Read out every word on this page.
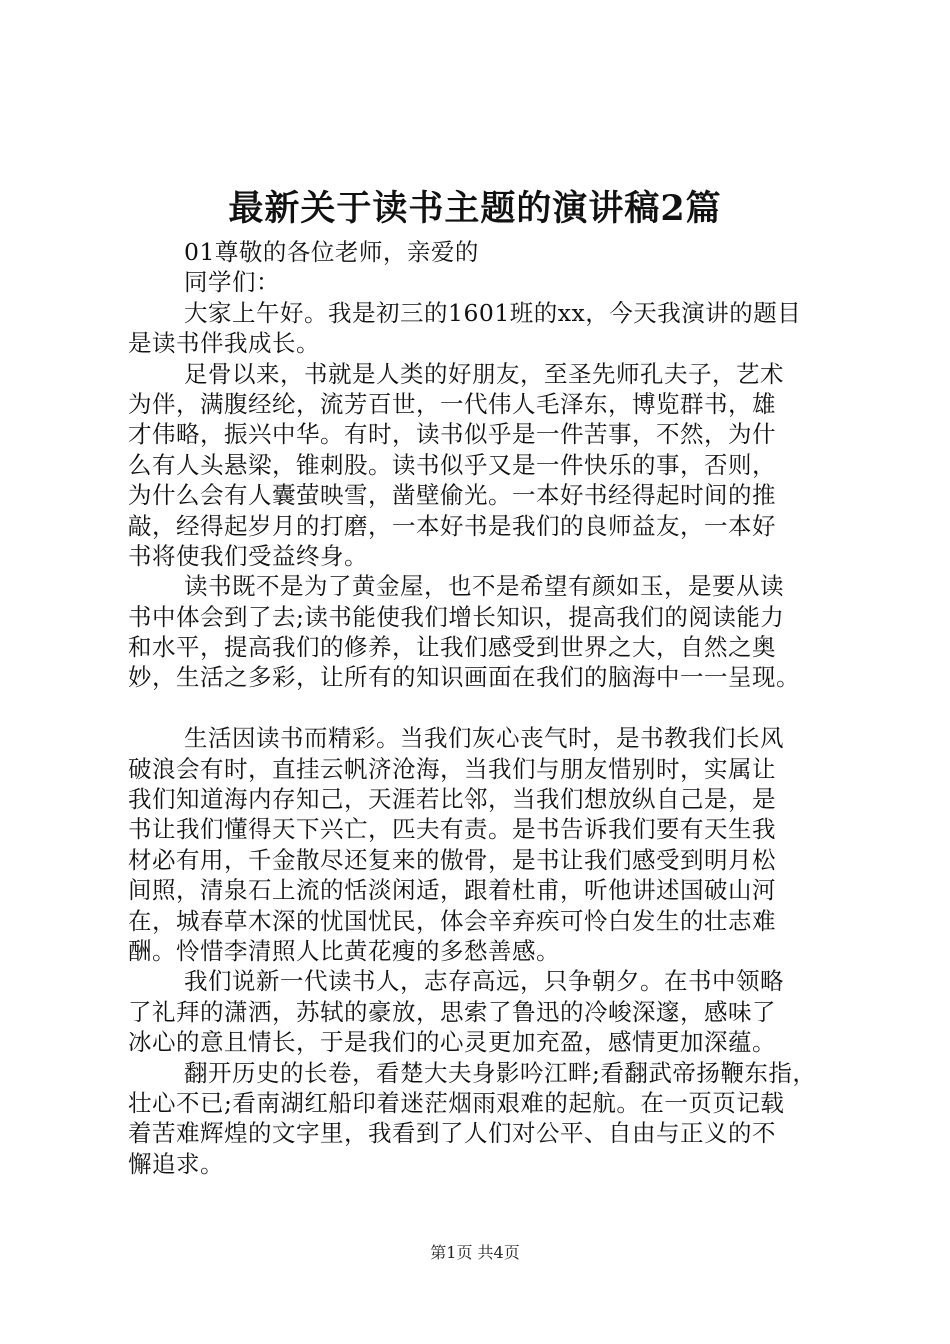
最新关于读书主题的演讲稿2篇
01尊敬的各位老师，亲爱的
同学们：
大家上午好。我是初三的1601班的xx，今天我演讲的题目
是读书伴我成长。
足骨以来，书就是人类的好朋友，至圣先师孔夫子，艺术
为伴，满腹经纶，流芳百世，一代伟人毛泽东，博览群书，雄
才伟略，振兴中华。有时，读书似乎是一件苦事，不然，为什
么有人头悬梁，锥刺股。读书似乎又是一件快乐的事，否则，
为什么会有人囊萤映雪，凿壁偷光。一本好书经得起时间的推
敲，经得起岁月的打磨，一本好书是我们的良师益友，一本好
书将使我们受益终身。
读书既不是为了黄金屋，也不是希望有颜如玉，是要从读
书中体会到了去;读书能使我们增长知识，提高我们的阅读能力
和水平，提高我们的修养，让我们感受到世界之大，自然之奥
妙，生活之多彩，让所有的知识画面在我们的脑海中一一呈现。
生活因读书而精彩。当我们灰心丧气时，是书教我们长风
破浪会有时，直挂云帆济沧海，当我们与朋友惜别时，实属让
我们知道海内存知己，天涯若比邻，当我们想放纵自己是，是
书让我们懂得天下兴亡，匹夫有责。是书告诉我们要有天生我
材必有用，千金散尽还复来的傲骨，是书让我们感受到明月松
间照，清泉石上流的恬淡闲适，跟着杜甫，听他讲述国破山河
在，城春草木深的忧国忧民，体会辛弃疾可怜白发生的壮志难
酬。怜惜李清照人比黄花瘦的多愁善感。
我们说新一代读书人，志存高远，只争朝夕。在书中领略
了礼拜的潇洒，苏轼的豪放，思索了鲁迅的冷峻深邃，感味了
冰心的意且情长，于是我们的心灵更加充盈，感情更加深蕴。
翻开历史的长卷，看楚大夫身影吟江畔;看翻武帝扬鞭东指，
壮心不已;看南湖红船印着迷茫烟雨艰难的起航。在一页页记载
着苦难辉煌的文字里，我看到了人们对公平、自由与正义的不
懈追求。
第1页 共4页
